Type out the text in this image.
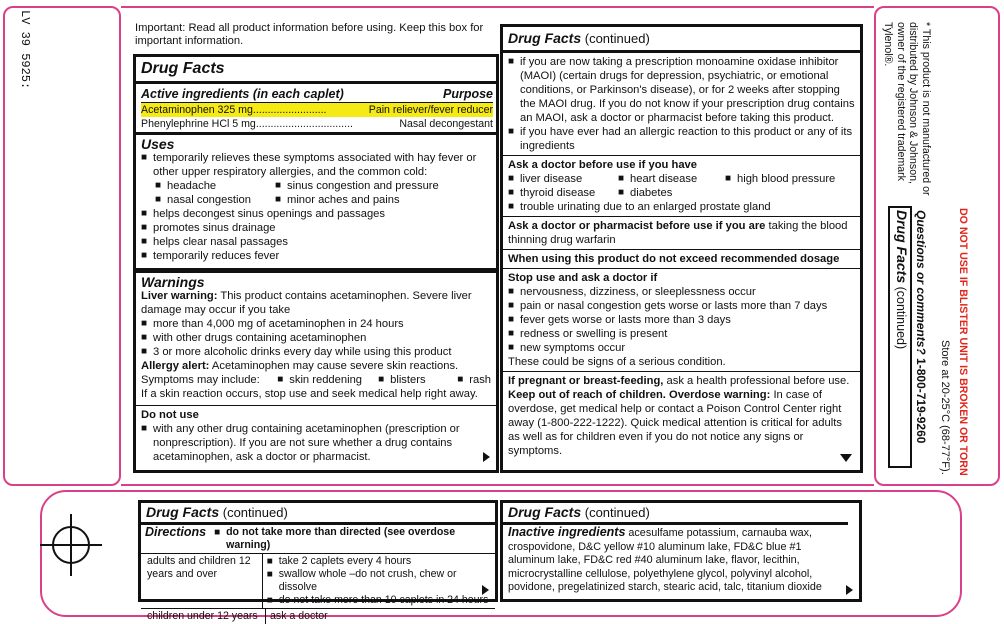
LV 39 5925:	Important: Read all product information before using. Keep this box for important information.
Drug Facts
Active ingredients (in each caplet)	Purpose
Acetaminophen 325 mg.........................	Pain reliever/fever reducer
Phenylephrine HCl 5 mg.................................	Nasal decongestant
Uses
■ temporarily relieves these symptoms associated with hay fever or
other upper respiratory allergies, and the common cold:
■ headache	■ sinus congestion and pressure
■ nasal congestion	■ minor aches and pains
■ helps decongest sinus openings and passages
■ promotes sinus drainage
■ helps clear nasal passages
■ temporarily reduces fever
Warnings
Liver warning: This product contains acetaminophen. Severe liver damage may occur if you take
■ more than 4,000 mg of acetaminophen in 24 hours
■ with other drugs containing acetaminophen
■ 3 or more alcoholic drinks every day while using this product
Allergy alert: Acetaminophen may cause severe skin reactions.
Symptoms may include:	■ skin reddening	■ blisters	■ rash
If a skin reaction occurs, stop use and seek medical help right away.
Do not use
■ with any other drug containing acetaminophen (prescription or nonprescription). If you are not sure whether a drug contains acetaminophen, ask a doctor or pharmacist.
Drug Facts (continued)
■ if you are now taking a prescription monoamine oxidase inhibitor (MAOI) (certain drugs for depression, psychiatric, or emotional conditions, or Parkinson's disease), or for 2 weeks after stopping the MAOI drug. If you do not know if your prescription drug contains an MAOI, ask a doctor or pharmacist before taking this product.
■ if you have ever had an allergic reaction to this product or any of its ingredients
Ask a doctor before use if you have
■ liver disease	■ heart disease	■ high blood pressure
■ thyroid disease	■ diabetes
■ trouble urinating due to an enlarged prostate gland
Ask a doctor or pharmacist before use if you are taking the blood thinning drug warfarin
When using this product do not exceed recommended dosage
Stop use and ask a doctor if
■ nervousness, dizziness, or sleeplessness occur
■ pain or nasal congestion gets worse or lasts more than 7 days
■ fever gets worse or lasts more than 3 days
■ redness or swelling is present
■ new symptoms occur
These could be signs of a serious condition.
If pregnant or breast-feeding, ask a health professional before use.
Keep out of reach of children. Overdose warning: In case of overdose, get medical help or contact a Poison Control Center right away (1-800-222-1222). Quick medical attention is critical for adults as well as for children even if you do not notice any signs or symptoms.
Drug Facts (continued)
Directions	■ do not take more than directed (see overdose warning)
adults and children 12 years and over
■ take 2 caplets every 4 hours
■ swallow whole –do not crush, chew or dissolve
■ do not take more than 10 caplets in 24 hours
children under 12 years	ask a doctor
Drug Facts (continued)
Inactive ingredients acesulfame potassium, carnauba wax, crospovidone, D&C yellow #10 aluminum lake, FD&C blue #1 aluminum lake, FD&C red #40 aluminum lake, flavor, lecithin, microcrystalline cellulose, polyethylene glycol, polyvinyl alcohol, povidone, pregelatinized starch, stearic acid, talc, titanium dioxide
* This product is not manufactured or distributed by Johnson & Johnson, owner of the registered trademark Tylenol®.
Drug Facts (continued) Questions or comments? 1-800-719-9260 Store at 20-25°C (68-77°F). DO NOT USE IF BLISTER UNIT IS BROKEN OR TORN
